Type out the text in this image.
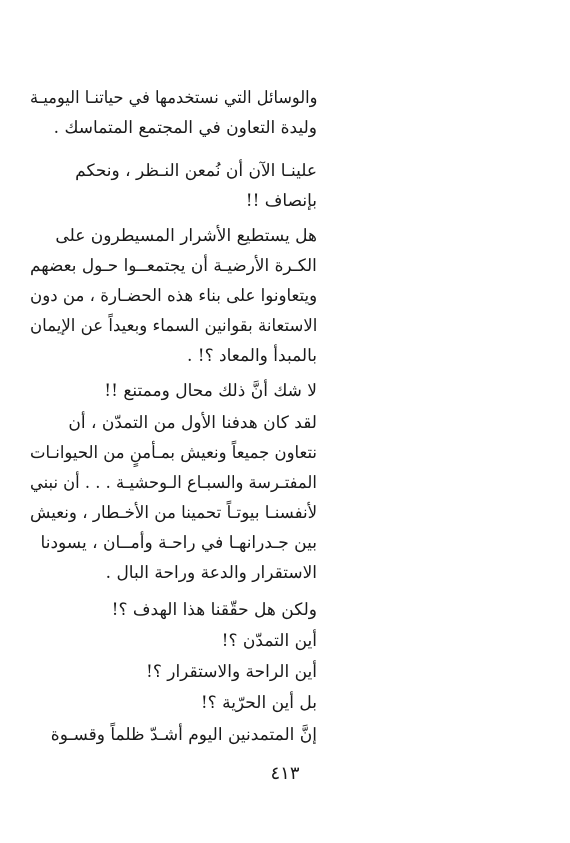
والوسائل التي نستخدمها في حياتنـا اليوميـة
وليدة التعاون في المجتمع المتماسك .
علينـا الآن أن نُمعن النـظر ، ونحكم
بإنصاف !!
هل يستطيع الأشرار المسيطرون على
الكـرة الأرضيـة أن يجتمعــوا حـول بعضهم
ويتعاونوا على بناء هذه الحضـارة ، من دون
الاستعانة بقوانين السماء وبعيداً عن الإيمان
بالمبدأ والمعاد ؟! .
لا شك أنَّ ذلك محال وممتنع !!
لقد كان هدفنا الأول من التمدّن ، أن
نتعاون جميعاً ونعيش بمـأمنٍ من الحيوانـات
المفتـرسة والسبـاع الـوحشيـة . . . أن نبني
لأنفسنـا بيوتـاً تحمينا من الأخـطار ، ونعيش
بين جـدرانهـا في راحـة وأمــان ، يسودنا
الاستقرار والدعة وراحة البال .
ولكن هل حقّقنا هذا الهدف ؟!
أين التمدّن ؟!
أين الراحة والاستقرار ؟!
بل أين الحرّية ؟!
إنَّ المتمدنين اليوم أشـدّ ظلماً وقسـوة
٤١٣
